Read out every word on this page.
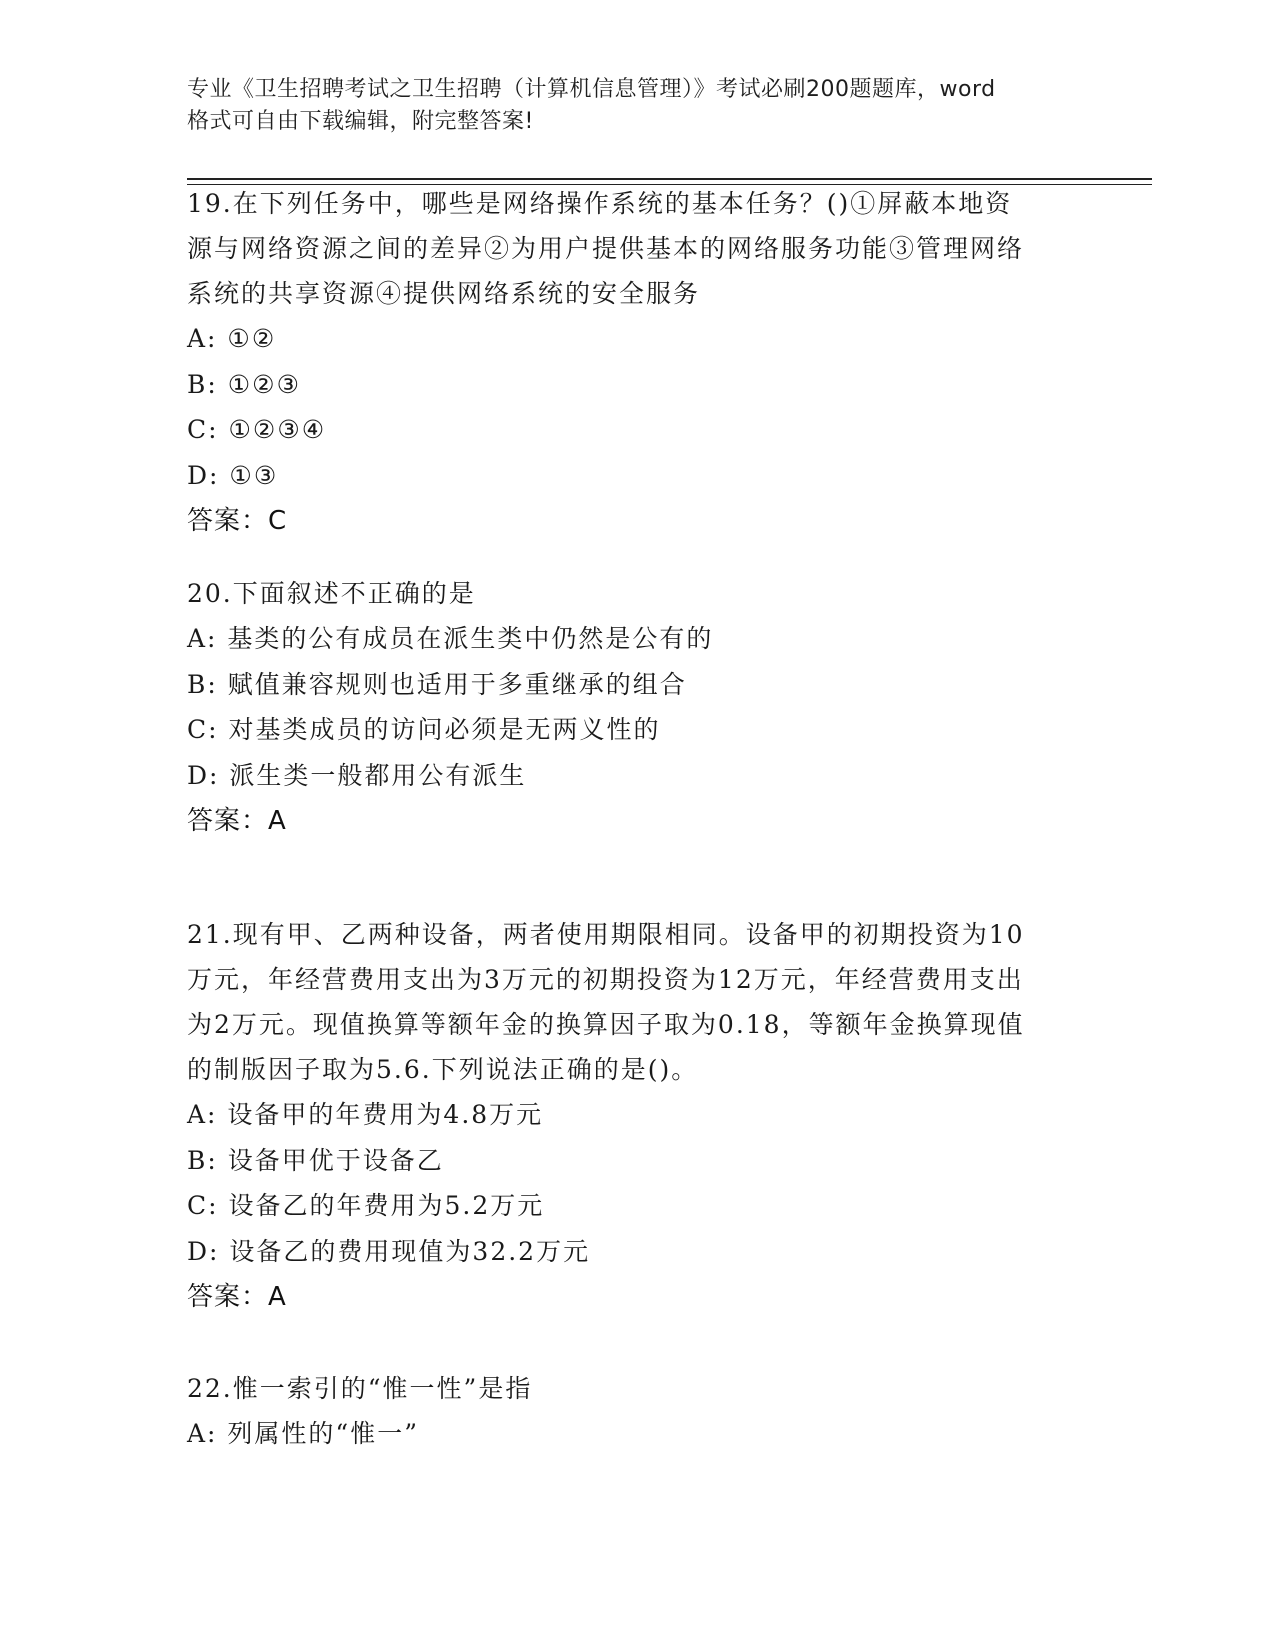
专业《卫生招聘考试之卫生招聘（计算机信息管理）》考试必刷200题题库，word
格式可自由下载编辑，附完整答案!

19.在下列任务中，哪些是网络操作系统的基本任务？()①屏蔽本地资源与网络资源之间的差异②为用户提供基本的网络服务功能③管理网络系统的共享资源④提供网络系统的安全服务

A: ①②

B: ①②③

C: ①②③④

D: ①③

答案：C

20.下面叙述不正确的是

A: 基类的公有成员在派生类中仍然是公有的

B: 赋值兼容规则也适用于多重继承的组合

C: 对基类成员的访问必须是无两义性的

D: 派生类一般都用公有派生

答案：A

21.现有甲、乙两种设备，两者使用期限相同。设备甲的初期投资为10万元，年经营费用支出为3万元的初期投资为12万元，年经营费用支出为2万元。现值换算等额年金的换算因子取为0.18，等额年金换算现值的制版因子取为5.6.下列说法正确的是()。

A: 设备甲的年费用为4.8万元

B: 设备甲优于设备乙

C: 设备乙的年费用为5.2万元

D: 设备乙的费用现值为32.2万元

答案：A

22.惟一索引的“惟一性”是指

A: 列属性的“惟一”
